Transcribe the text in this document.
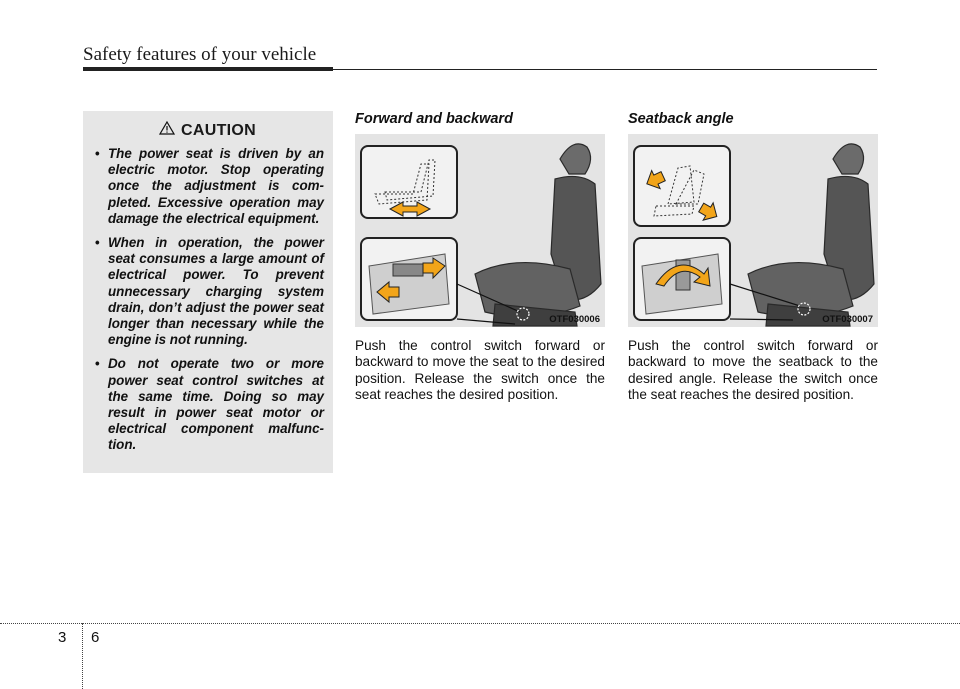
Safety features of your vehicle
CAUTION
• The power seat is driven by an electric motor. Stop operating once the adjustment is com-pleted. Excessive operation may damage the electrical equipment.
• When in operation, the power seat consumes a large amount of electrical power. To prevent unnecessary charging system drain, don’t adjust the power seat longer than necessary while the engine is not running.
• Do not operate two or more power seat control switches at the same time. Doing so may result in power seat motor or electrical component malfunc-tion.
Forward and backward
OTF030006

Push the control switch forward or backward to move the seat to the desired position. Release the switch once the seat reaches the desired position.

Seatback angle
OTF030007

Push the control switch forward or backward to move the seatback to the desired angle. Release the switch once the seat reaches the desired position.

3 6
